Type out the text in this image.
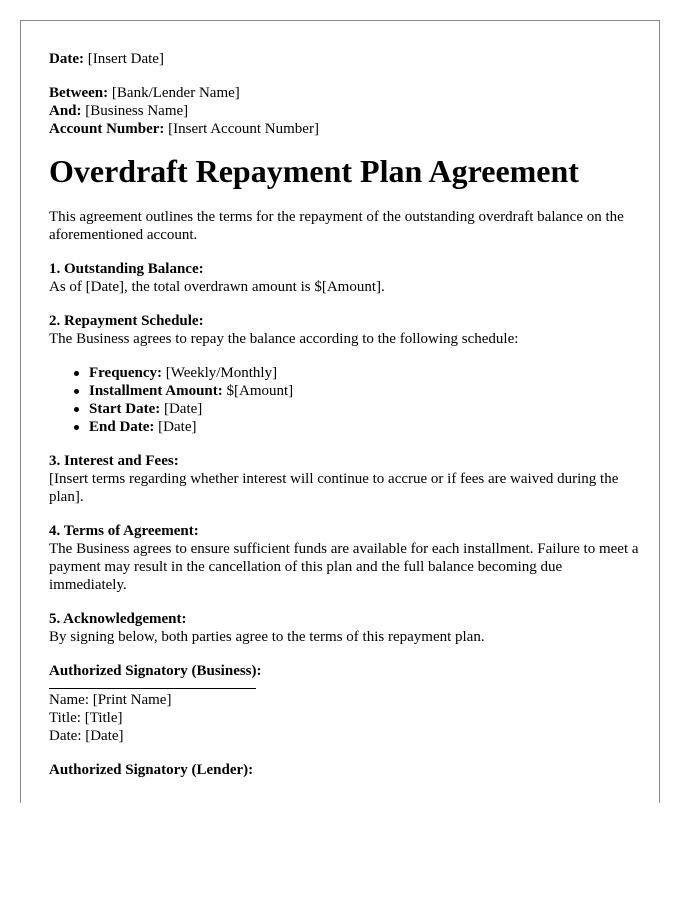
Date: [Insert Date]

Between: [Bank/Lender Name]

And: [Business Name]

Account Number: [Insert Account Number]

Overdraft Repayment Plan Agreement

This agreement outlines the terms for the repayment of the outstanding overdraft balance on the aforementioned account.

1. Outstanding Balance:

As of [Date], the total overdrawn amount is $[Amount].

2. Repayment Schedule:

The Business agrees to repay the balance according to the following schedule:

Frequency: [Weekly/Monthly]
Installment Amount: $[Amount]
Start Date: [Date]
End Date: [Date]

3. Interest and Fees:

[Insert terms regarding whether interest will continue to accrue or if fees are waived during the plan].

4. Terms of Agreement:

The Business agrees to ensure sufficient funds are available for each installment. Failure to meet a payment may result in the cancellation of this plan and the full balance becoming due immediately.

5. Acknowledgement:

By signing below, both parties agree to the terms of this repayment plan.

Authorized Signatory (Business):

Name: [Print Name]

Title: [Title]

Date: [Date]

Authorized Signatory (Lender):
